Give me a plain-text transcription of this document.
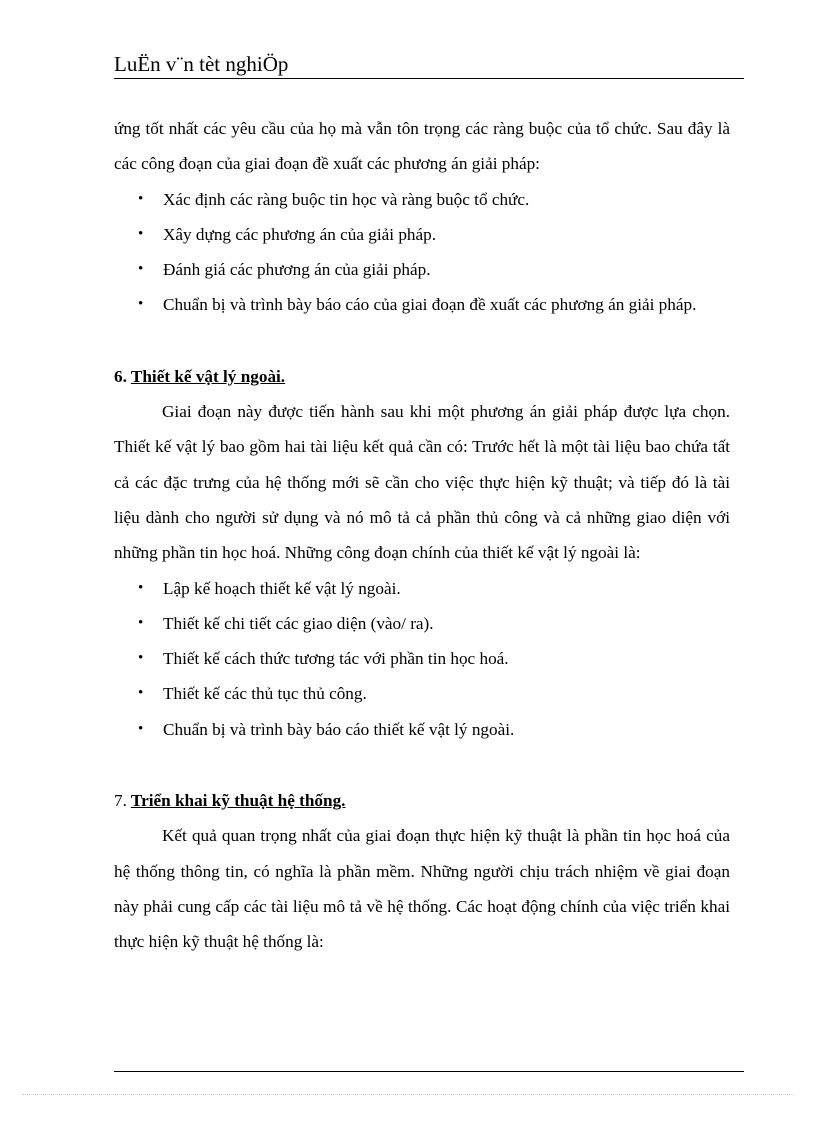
LuËn v¨n tèt nghiÖp

ứng tốt nhất các yêu cầu của họ mà vẫn tôn trọng các ràng buộc của tổ chức. Sau đây là các công đoạn của giai đoạn đề xuất các phương án giải pháp:

• Xác định các ràng buộc tin học và ràng buộc tổ chức.
• Xây dựng các phương án của giải pháp.
• Đánh giá các phương án của giải pháp.
• Chuẩn bị và trình bày báo cáo của giai đoạn đề xuất các phương án giải pháp.

6. Thiết kế vật lý ngoài.

Giai đoạn này được tiến hành sau khi một phương án giải pháp được lựa chọn. Thiết kế vật lý bao gồm hai tài liệu kết quả cần có: Trước hết là một tài liệu bao chứa tất cả các đặc trưng của hệ thống mới sẽ cần cho việc thực hiện kỹ thuật; và tiếp đó là tài liệu dành cho người sử dụng và nó mô tả cả phần thủ công và cả những giao diện với những phần tin học hoá. Những công đoạn chính của thiết kế vật lý ngoài là:

• Lập kế hoạch thiết kế vật lý ngoài.
• Thiết kế chi tiết các giao diện (vào/ ra).
• Thiết kế cách thức tương tác với phần tin học hoá.
• Thiết kế các thủ tục thủ công.
• Chuẩn bị và trình bày báo cáo thiết kế vật lý ngoài.

7. Triển khai kỹ thuật hệ thống.

Kết quả quan trọng nhất của giai đoạn thực hiện kỹ thuật là phần tin học hoá của hệ thống thông tin, có nghĩa là phần mềm. Những người chịu trách nhiệm về giai đoạn này phải cung cấp các tài liệu mô tả về hệ thống. Các hoạt động chính của việc triển khai thực hiện kỹ thuật hệ thống là:
